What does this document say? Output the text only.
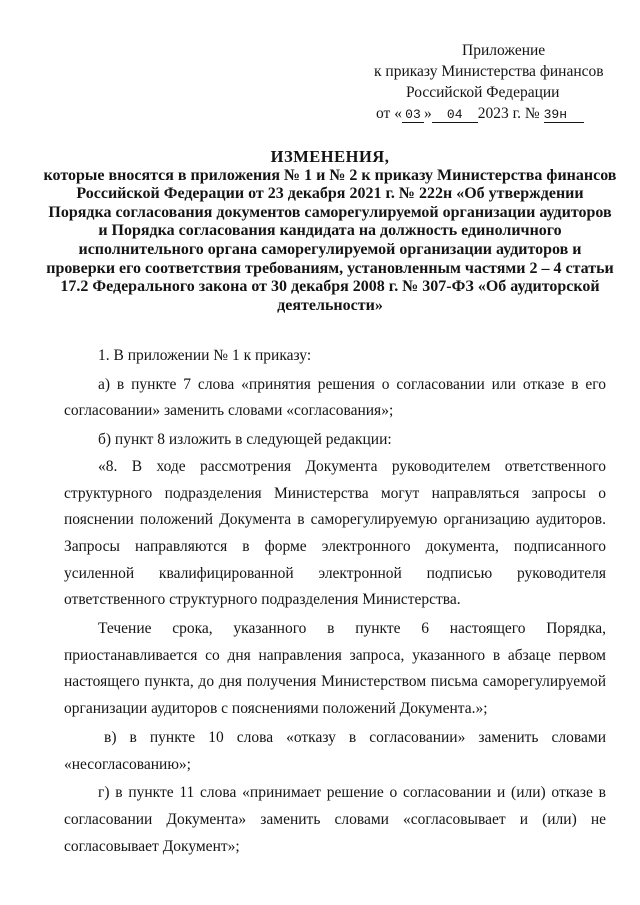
Приложение
к приказу Министерства финансов
Российской Федерации
от « 03 » 04 2023 г. № 39н
ИЗМЕНЕНИЯ,
которые вносятся в приложения № 1 и № 2 к приказу Министерства финансов
Российской Федерации от 23 декабря 2021 г. № 222н «Об утверждении
Порядка согласования документов саморегулируемой организации аудиторов
и Порядка согласования кандидата на должность единоличного
исполнительного органа саморегулируемой организации аудиторов и
проверки его соответствия требованиям, установленным частями 2 – 4 статьи
17.2 Федерального закона от 30 декабря 2008 г. № 307-ФЗ «Об аудиторской
деятельности»

1. В приложении № 1 к приказу:

а) в пункте 7 слова «принятия решения о согласовании или отказе в его согласовании» заменить словами «согласования»;

б) пункт 8 изложить в следующей редакции:

«8. В ходе рассмотрения Документа руководителем ответственного структурного подразделения Министерства могут направляться запросы о пояснении положений Документа в саморегулируемую организацию аудиторов. Запросы направляются в форме электронного документа, подписанного усиленной квалифицированной электронной подписью руководителя ответственного структурного подразделения Министерства.

Течение срока, указанного в пункте 6 настоящего Порядка, приостанавливается со дня направления запроса, указанного в абзаце первом настоящего пункта, до дня получения Министерством письма саморегулируемой организации аудиторов с пояснениями положений Документа.»;

в) в пункте 10 слова «отказу в согласовании» заменить словами «несогласованию»;

г) в пункте 11 слова «принимает решение о согласовании и (или) отказе в согласовании Документа» заменить словами «согласовывает и (или) не согласовывает Документ»;
